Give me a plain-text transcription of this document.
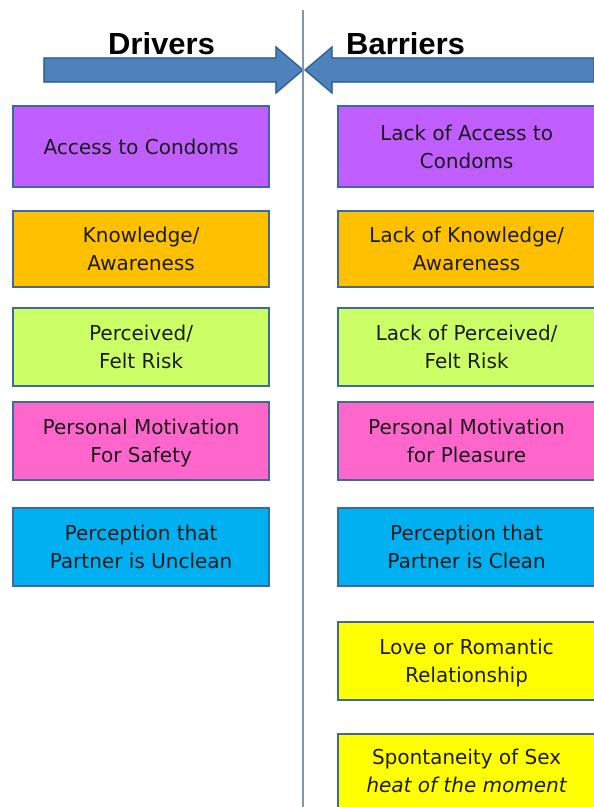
Drivers	Barriers
Access to Condoms
Knowledge/
Awareness
Perceived/
Felt Risk
Personal Motivation
For Safety
Perception that
Partner is Unclean
Lack of Access to
Condoms
Lack of Knowledge/
Awareness
Lack of Perceived/
Felt Risk
Personal Motivation
for Pleasure
Perception that
Partner is Clean
Love or Romantic
Relationship
Spontaneity of Sex
heat of the moment
